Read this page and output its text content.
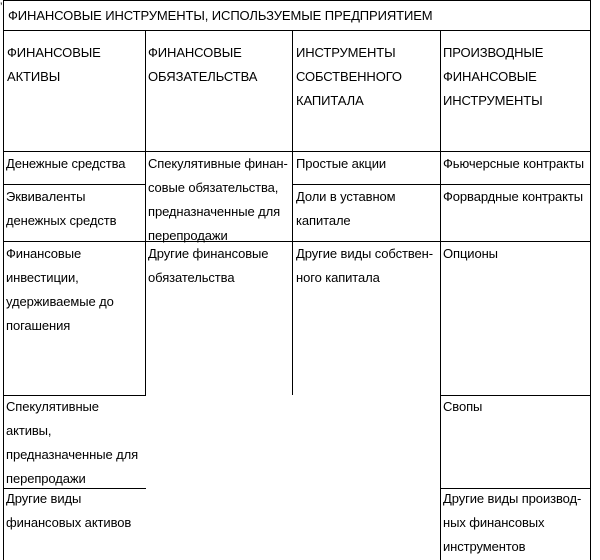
’
ФИНАНСОВЫЕ ИНСТРУМЕНТЫ, ИСПОЛЬЗУЕМЫЕ ПРЕДПРИЯТИЕМ
ФИНАНСОВЫЕ
АКТИВЫ
ФИНАНСОВЫЕ
ОБЯЗАТЕЛЬСТВА
ИНСТРУМЕНТЫ
СОБСТВЕННОГО
КАПИТАЛА
ПРОИЗВОДНЫЕ
ФИНАНСОВЫЕ
ИНСТРУМЕНТЫ
Денежные средства
Эквиваленты
денежных средств
Финансовые
инвестиции,
удерживаемые до
погашения
Спекулятивные
активы,
предназначенные для
перепродажи
Другие виды
финансовых активов
Спекулятивные финан-
совые обязательства,
предназначенные для
перепродажи
Другие финансовые
обязательства
Простые акции
Доли в уставном
капитале
Другие виды собствен-
ного капитала
Фьючерсные контракты
Форвардные контракты
Опционы
Свопы
Другие виды производ-
ных финансовых
инструментов
